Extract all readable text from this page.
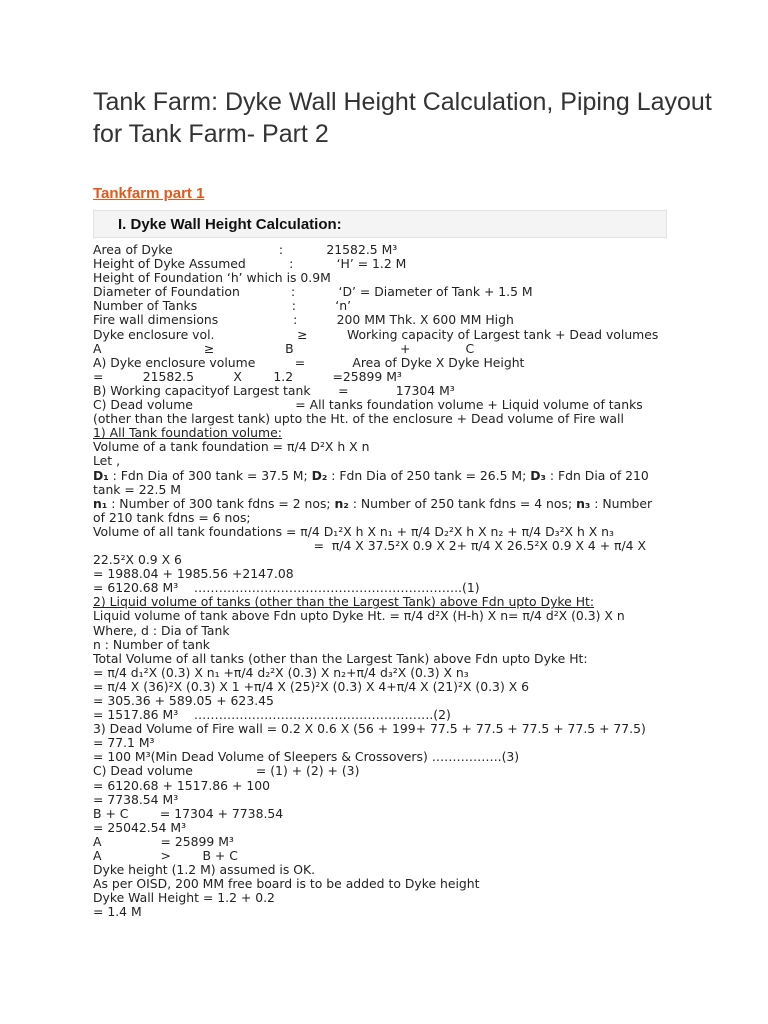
Tank Farm: Dyke Wall Height Calculation, Piping Layout for Tank Farm- Part 2
Tankfarm part 1
I. Dyke Wall Height Calculation:
Area of Dyke                           :           21582.5 M³
Height of Dyke Assumed           :           ‘H’ = 1.2 M
Height of Foundation ‘h’ which is 0.9M
Diameter of Foundation             :           ‘D’ = Diameter of Tank + 1.5 M
Number of Tanks                        :          ‘n’
Fire wall dimensions                   :          200 MM Thk. X 600 MM High
Dyke enclosure vol.                     ≥          Working capacity of Largest tank + Dead volumes
A                          ≥                  B                           +              C
A) Dyke enclosure volume          =            Area of Dyke X Dyke Height
=          21582.5          X        1.2          =25899 M³
B) Working capacityof Largest tank       =            17304 M³
C) Dead volume                          = All tanks foundation volume + Liquid volume of tanks
(other than the largest tank) upto the Ht. of the enclosure + Dead volume of Fire wall
1) All Tank foundation volume:
Volume of a tank foundation = π/4 D²X h X n
Let ,
D₁ : Fdn Dia of 300 tank = 37.5 M; D₂ : Fdn Dia of 250 tank = 26.5 M; D₃ : Fdn Dia of 210
tank = 22.5 M
n₁ : Number of 300 tank fdns = 2 nos; n₂ : Number of 250 tank fdns = 4 nos; n₃ : Number
of 210 tank fdns = 6 nos;
Volume of all tank foundations = π/4 D₁²X h X n₁ + π/4 D₂²X h X n₂ + π/4 D₃²X h X n₃
=  π/4 X 37.5²X 0.9 X 2+ π/4 X 26.5²X 0.9 X 4 + π/4 X
22.5²X 0.9 X 6
= 1988.04 + 1985.56 +2147.08
= 6120.68 M³    ………………………………………………………..(1)
2) Liquid volume of tanks (other than the Largest Tank) above Fdn upto Dyke Ht:
Liquid volume of tank above Fdn upto Dyke Ht. = π/4 d²X (H-h) X n= π/4 d²X (0.3) X n
Where, d : Dia of Tank
n : Number of tank
Total Volume of all tanks (other than the Largest Tank) above Fdn upto Dyke Ht:
= π/4 d₁²X (0.3) X n₁ +π/4 d₂²X (0.3) X n₂+π/4 d₃²X (0.3) X n₃
= π/4 X (36)²X (0.3) X 1 +π/4 X (25)²X (0.3) X 4+π/4 X (21)²X (0.3) X 6
= 305.36 + 589.05 + 623.45
= 1517.86 M³    ………………………………………………….(2)
3) Dead Volume of Fire wall = 0.2 X 0.6 X (56 + 199+ 77.5 + 77.5 + 77.5 + 77.5 + 77.5)
= 77.1 M³
= 100 M³(Min Dead Volume of Sleepers & Crossovers) ……………..(3)
C) Dead volume                = (1) + (2) + (3)
= 6120.68 + 1517.86 + 100
= 7738.54 M³
B + C        = 17304 + 7738.54
= 25042.54 M³
A               = 25899 M³
A               >        B + C
Dyke height (1.2 M) assumed is OK.
As per OISD, 200 MM free board is to be added to Dyke height
Dyke Wall Height = 1.2 + 0.2
= 1.4 M
